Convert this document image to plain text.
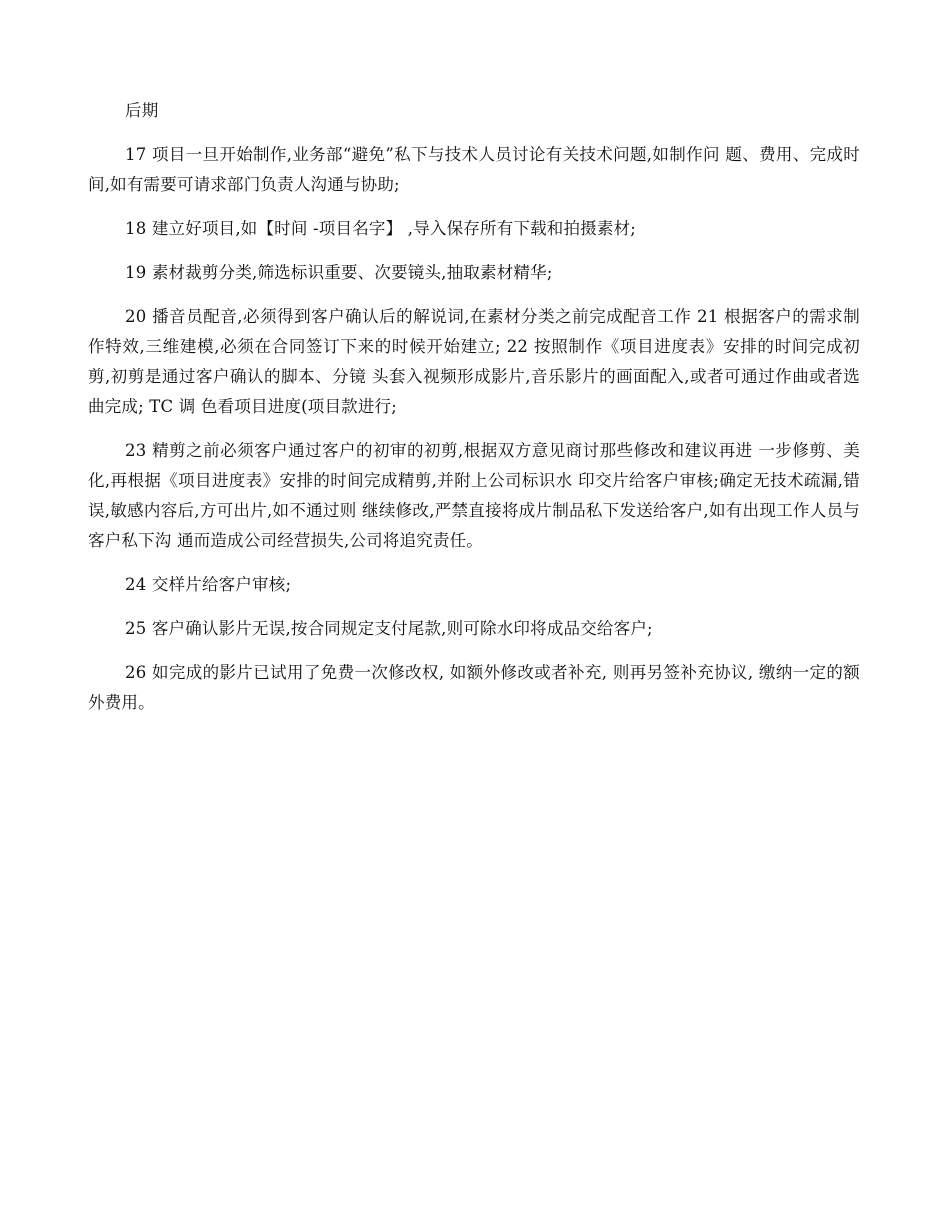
后期

17 项目一旦开始制作,业务部“避免”私下与技术人员讨论有关技术问题,如制作问 题、费用、完成时间,如有需要可请求部门负责人沟通与协助;

18 建立好项目,如【时间 -项目名字】 ,导入保存所有下载和拍摄素材;

19 素材裁剪分类,筛选标识重要、次要镜头,抽取素材精华;

20 播音员配音,必须得到客户确认后的解说词,在素材分类之前完成配音工作 21 根据客户的需求制作特效,三维建模,必须在合同签订下来的时候开始建立; 22 按照制作《项目进度表》安排的时间完成初剪,初剪是通过客户确认的脚本、分镜 头套入视频形成影片,音乐影片的画面配入,或者可通过作曲或者选曲完成; TC 调 色看项目进度(项目款进行;

23 精剪之前必须客户通过客户的初审的初剪,根据双方意见商讨那些修改和建议再进 一步修剪、美化,再根据《项目进度表》安排的时间完成精剪,并附上公司标识水 印交片给客户审核;确定无技术疏漏,错误,敏感内容后,方可出片,如不通过则 继续修改,严禁直接将成片制品私下发送给客户,如有出现工作人员与客户私下沟 通而造成公司经营损失,公司将追究责任。

24 交样片给客户审核;

25 客户确认影片无误,按合同规定支付尾款,则可除水印将成品交给客户;

26 如完成的影片已试用了免费一次修改权, 如额外修改或者补充, 则再另签补充协议, 缴纳一定的额外费用。
